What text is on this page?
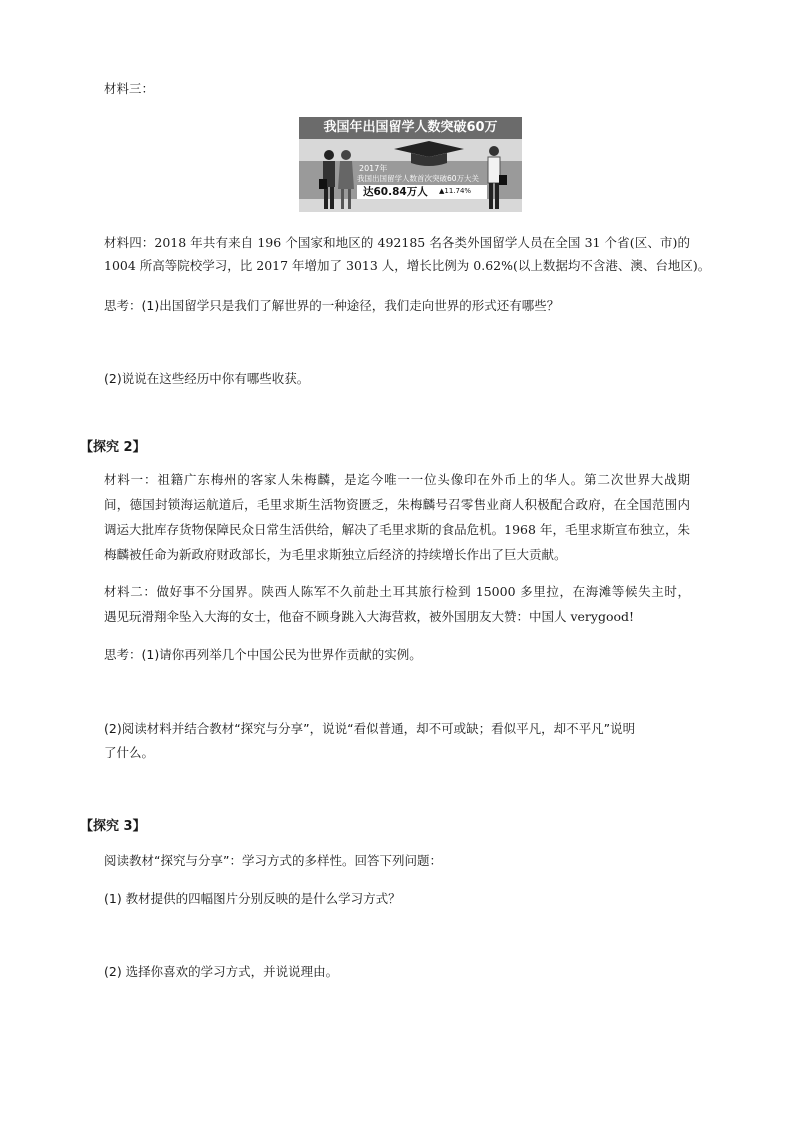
材料三：
我国年出国留学人数突破60万
2017年
我国出国留学人数首次突破60万大关
达60.84万人 ▲11.74%
材料四：2018 年共有来自 196 个国家和地区的 492185 名各类外国留学人员在全国 31 个省(区、市)的
1004 所高等院校学习，比 2017 年增加了 3013 人，增长比例为 0.62%(以上数据均不含港、澳、台地区)。
思考：(1)出国留学只是我们了解世界的一种途径，我们走向世界的形式还有哪些？
(2)说说在这些经历中你有哪些收获。
【探究 2】
材料一：祖籍广东梅州的客家人朱梅麟，是迄今唯一一位头像印在外币上的华人。第二次世界大战期
间，德国封锁海运航道后，毛里求斯生活物资匮乏，朱梅麟号召零售业商人积极配合政府，在全国范围内
调运大批库存货物保障民众日常生活供给，解决了毛里求斯的食品危机。1968 年，毛里求斯宣布独立，朱
梅麟被任命为新政府财政部长，为毛里求斯独立后经济的持续增长作出了巨大贡献。
材料二：做好事不分国界。陕西人陈军不久前赴土耳其旅行检到 15000 多里拉，在海滩等候失主时，
遇见玩滑翔伞坠入大海的女士，他奋不顾身跳入大海营救，被外国朋友大赞：中国人 verygood!
思考：(1)请你再列举几个中国公民为世界作贡献的实例。
(2)阅读材料并结合教材“探究与分享”，说说“看似普通，却不可或缺；看似平凡，却不平凡”说明
了什么。
【探究 3】
阅读教材“探究与分享”：学习方式的多样性。回答下列问题：
(1) 教材提供的四幅图片分别反映的是什么学习方式？
(2) 选择你喜欢的学习方式，并说说理由。
